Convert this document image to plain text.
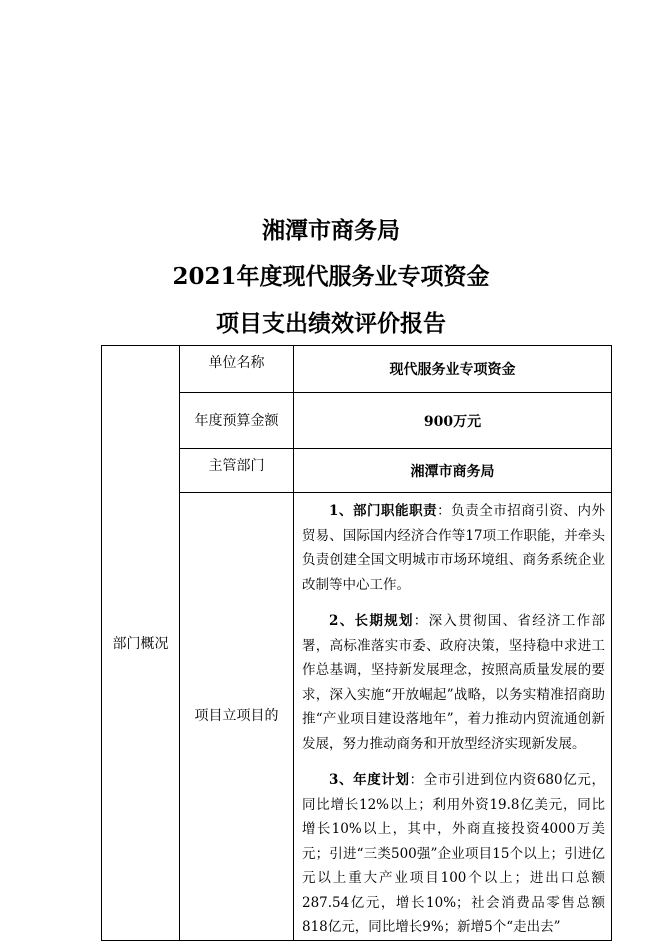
湘潭市商务局
2021年度现代服务业专项资金
项目支出绩效评价报告
部门概况	单位名称	现代服务业专项资金
	年度预算金额	900万元
	主管部门	湘潭市商务局
	项目立项目的	1、部门职能职责：负责全市招商引资、内外贸易、国际国内经济合作等17项工作职能，并牵头负责创建全国文明城市市场环境组、商务系统企业改制等中心工作。

2、长期规划：深入贯彻国、省经济工作部署，高标准落实市委、政府决策，坚持稳中求进工作总基调，坚持新发展理念，按照高质量发展的要求，深入实施“开放崛起”战略，以务实精准招商助推“产业项目建设落地年”，着力推动内贸流通创新发展，努力推动商务和开放型经济实现新发展。

3、年度计划：全市引进到位内资680亿元，同比增长12%以上；利用外资19.8亿美元，同比增长10%以上，其中，外商直接投资4000万美元；引进“三类500强”企业项目15个以上；引进亿元以上重大产业项目100个以上；进出口总额287.54亿元，增长10%；社会消费品零售总额818亿元，同比增长9%；新增5个“走出去”
